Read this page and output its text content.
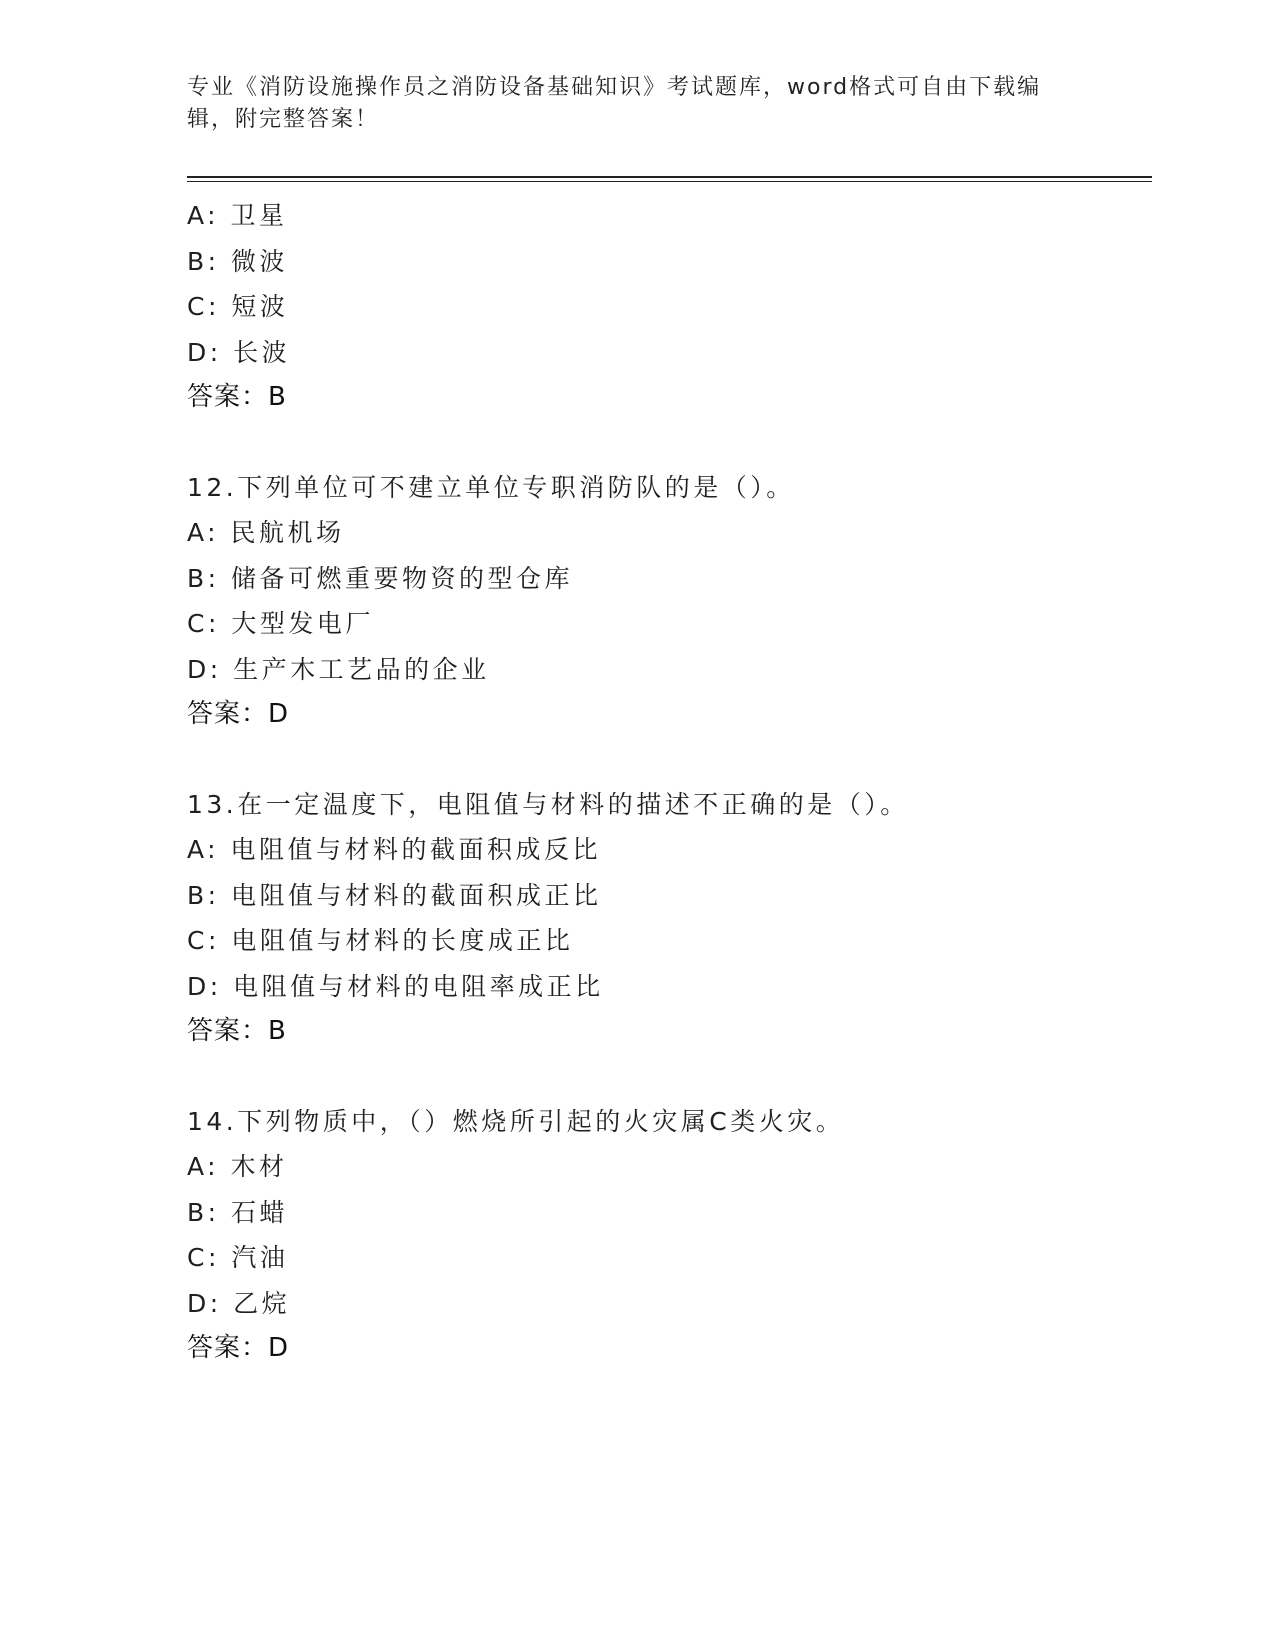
专业《消防设施操作员之消防设备基础知识》考试题库，word格式可自由下载编辑，附完整答案！
A: 卫星
B: 微波
C: 短波
D: 长波
答案：B
12.下列单位可不建立单位专职消防队的是（）。
A: 民航机场
B: 储备可燃重要物资的型仓库
C: 大型发电厂
D: 生产木工艺品的企业
答案：D
13.在一定温度下，电阻值与材料的描述不正确的是（）。
A: 电阻值与材料的截面积成反比
B: 电阻值与材料的截面积成正比
C: 电阻值与材料的长度成正比
D: 电阻值与材料的电阻率成正比
答案：B
14.下列物质中，（）燃烧所引起的火灾属C类火灾。
A: 木材
B: 石蜡
C: 汽油
D: 乙烷
答案：D
